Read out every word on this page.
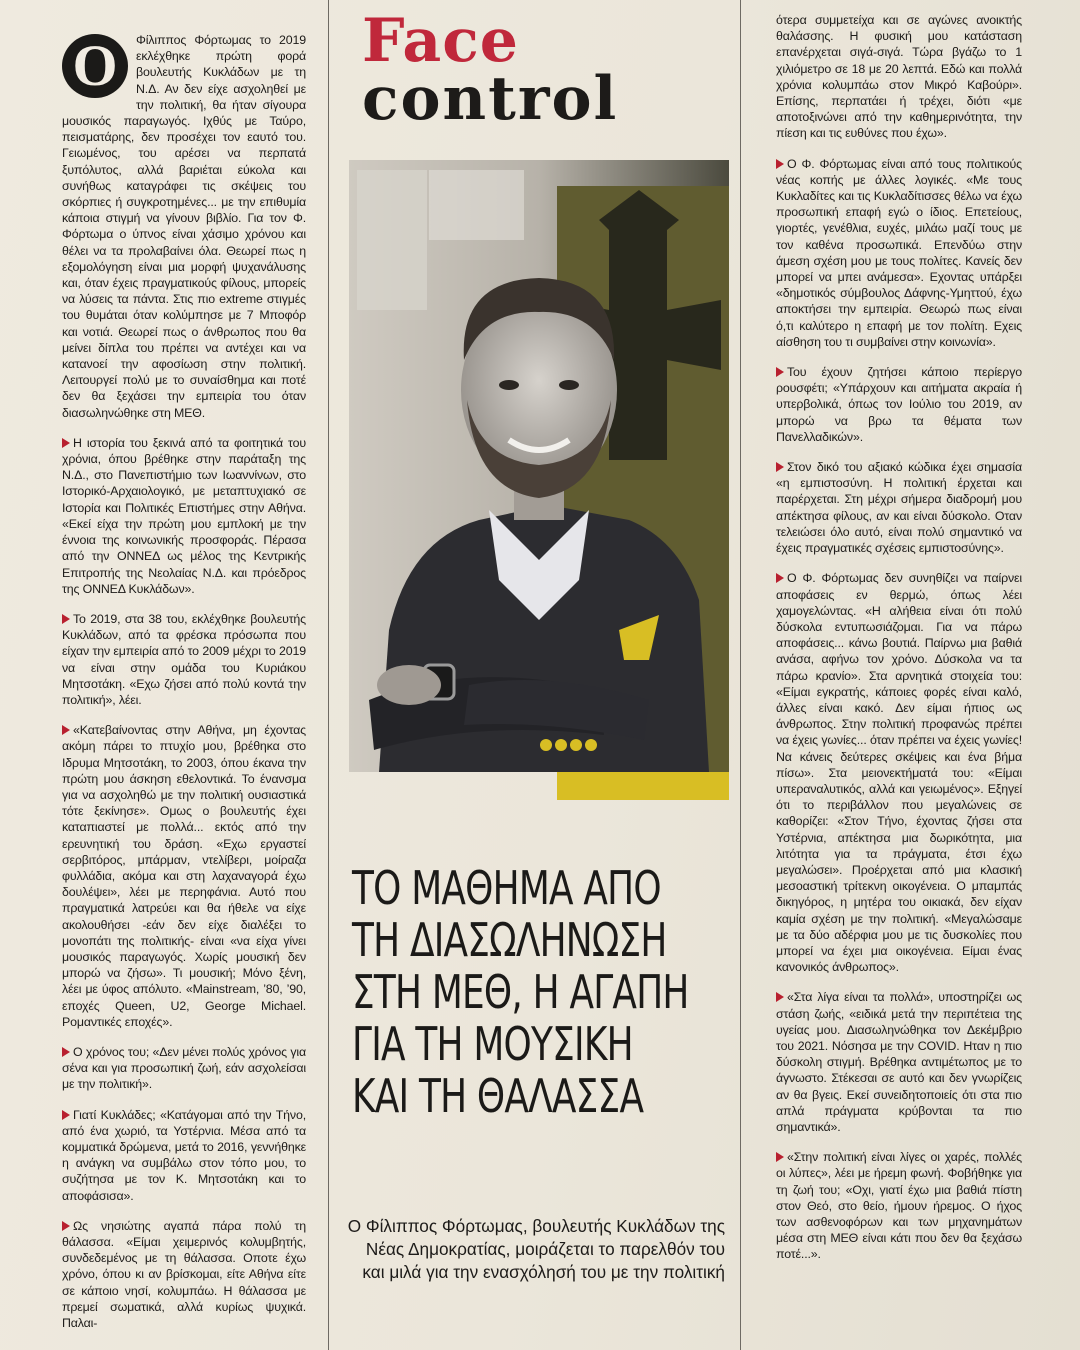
Ο	Φίλιππος Φόρτωμας το 2019 εκλέχθηκε πρώτη φορά βουλευτής Κυκλάδων με τη Ν.Δ. Αν δεν είχε ασχοληθεί με την πολιτική, θα ήταν σίγουρα μουσικός παραγωγός. Ιχθύς με Ταύρο, πεισματάρης, δεν προσέχει τον εαυτό του. Γειωμένος, του αρέσει να περπατά ξυπόλυτος, αλλά βαριέται εύκολα και συνήθως καταγράφει τις σκέψεις του σκόρπιες ή συγκροτημένες... με την επιθυμία κάποια στιγμή να γίνουν βιβλίο. Για τον Φ. Φόρτωμα ο ύπνος είναι χάσιμο χρόνου και θέλει να τα προλαβαίνει όλα. Θεωρεί πως η εξομολόγηση είναι μια μορφή ψυχανάλυσης και, όταν έχεις πραγματικούς φίλους, μπορείς να λύσεις τα πάντα. Στις πιο extreme στιγμές του θυμάται όταν κολύμπησε με 7 Μποφόρ και νοτιά. Θεωρεί πως ο άνθρωπος που θα μείνει δίπλα του πρέπει να αντέχει και να κατανοεί την αφοσίωση στην πολιτική. Λειτουργεί πολύ με το συναίσθημα και ποτέ δεν θα ξεχάσει την εμπειρία του όταν διασωληνώθηκε στη ΜΕΘ.

Η ιστορία του ξεκινά από τα φοιτητικά του χρόνια, όπου βρέθηκε στην παράταξη της Ν.Δ., στο Πανεπιστήμιο των Ιωαννίνων, στο Ιστορικό-Αρχαιολογικό, με μεταπτυχιακό σε Ιστορία και Πολιτικές Επιστήμες στην Αθήνα. «Εκεί είχα την πρώτη μου εμπλοκή με την έννοια της κοινωνικής προσφοράς. Πέρασα από την ΟΝΝΕΔ ως μέλος της Κεντρικής Επιτροπής της Νεολαίας Ν.Δ. και πρόεδρος της ΟΝΝΕΔ Κυκλάδων».

Το 2019, στα 38 του, εκλέχθηκε βουλευτής Κυκλάδων, από τα φρέσκα πρόσωπα που είχαν την εμπειρία από το 2009 μέχρι το 2019 να είναι στην ομάδα του Κυριάκου Μητσοτάκη. «Εχω ζήσει από πολύ κοντά την πολιτική», λέει.

«Κατεβαίνοντας στην Αθήνα, μη έχοντας ακόμη πάρει το πτυχίο μου, βρέθηκα στο Ιδρυμα Μητσοτάκη, το 2003, όπου έκανα την πρώτη μου άσκηση εθελοντικά. Το ένανσμα για να ασχοληθώ με την πολιτική ουσιαστικά τότε ξεκίνησε». Ομως ο βουλευτής έχει καταπιαστεί με πολλά... εκτός από την ερευνητική του δράση. «Εχω εργαστεί σερβιτόρος, μπάρμαν, ντελίβερι, μοίραζα φυλλάδια, ακόμα και στη λαχαναγορά έχω δουλέψει», λέει με περηφάνια. Αυτό που πραγματικά λατρεύει και θα ήθελε να είχε ακολουθήσει -εάν δεν είχε διαλέξει το μονοπάτι της πολιτικής- είναι «να είχα γίνει μουσικός παραγωγός. Χωρίς μουσική δεν μπορώ να ζήσω». Τι μουσική; Μόνο ξένη, λέει με ύφος απόλυτο. «Mainstream, ’80, ’90, εποχές Queen, U2, George Michael. Ρομαντικές εποχές».

Ο χρόνος του; «Δεν μένει πολύς χρόνος για σένα και για προσωπική ζωή, εάν ασχολείσαι με την πολιτική».

Γιατί Κυκλάδες; «Κατάγομαι από την Τήνο, από ένα χωριό, τα Υστέρνια. Μέσα από τα κομματικά δρώμενα, μετά το 2016, γεννήθηκε η ανάγκη να συμβάλω στον τόπο μου, το συζήτησα με τον Κ. Μητσοτάκη και το αποφάσισα».

Ως νησιώτης αγαπά πάρα πολύ τη θάλασσα. «Είμαι χειμερινός κολυμβητής, συνδεδεμένος με τη θάλασσα. Οποτε έχω χρόνο, όπου κι αν βρίσκομαι, είτε Αθήνα είτε σε κάποιο νησί, κολυμπάω. Η θάλασσα με πρεμεί σωματικά, αλλά κυρίως ψυχικά. Παλαι-

Face
control
ΤΟ ΜΑΘΗΜΑ ΑΠΟ
ΤΗ ΔΙΑΣΩΛΗΝΩΣΗ
ΣΤΗ ΜΕΘ, Η ΑΓΑΠΗ
ΓΙΑ ΤΗ ΜΟΥΣΙΚΗ
ΚΑΙ ΤΗ ΘΑΛΑΣΣΑ
Ο Φίλιππος Φόρτωμας, βουλευτής Κυκλάδων της Νέας Δημοκρατίας, μοιράζεται το παρελθόν του και μιλά για την ενασχόλησή του με την πολιτική

ότερα συμμετείχα και σε αγώνες ανοικτής θαλάσσης. Η φυσική μου κατάσταση επανέρχεται σιγά-σιγά. Τώρα βγάζω το 1 χιλιόμετρο σε 18 με 20 λεπτά. Εδώ και πολλά χρόνια κολυμπάω στον Μικρό Καβούρι». Επίσης, περπατάει ή τρέχει, διότι «με αποτοξινώνει από την καθημερινότητα, την πίεση και τις ευθύνες που έχω».

Ο Φ. Φόρτωμας είναι από τους πολιτικούς νέας κοπής με άλλες λογικές. «Με τους Κυκλαδίτες και τις Κυκλαδίτισσες θέλω να έχω προσωπική επαφή εγώ ο ίδιος. Επετείους, γιορτές, γενέθλια, ευχές, μιλάω μαζί τους με τον καθένα προσωπικά. Επενδύω στην άμεση σχέση μου με τους πολίτες. Κανείς δεν μπορεί να μπει ανάμεσα». Εχοντας υπάρξει «δημοτικός σύμβουλος Δάφνης-Υμηττού, έχω αποκτήσει την εμπειρία. Θεωρώ πως είναι ό,τι καλύτερο η επαφή με τον πολίτη. Εχεις αίσθηση του τι συμβαίνει στην κοινωνία».

Του έχουν ζητήσει κάποιο περίεργο ρουσφέτι; «Υπάρχουν και αιτήματα ακραία ή υπερβολικά, όπως τον Ιούλιο του 2019, αν μπορώ να βρω τα θέματα των Πανελλαδικών».

Στον δικό του αξιακό κώδικα έχει σημασία «η εμπιστοσύνη. Η πολιτική έρχεται και παρέρχεται. Στη μέχρι σήμερα διαδρομή μου απέκτησα φίλους, αν και είναι δύσκολο. Οταν τελειώσει όλο αυτό, είναι πολύ σημαντικό να έχεις πραγματικές σχέσεις εμπιστοσύνης».

Ο Φ. Φόρτωμας δεν συνηθίζει να παίρνει αποφάσεις εν θερμώ, όπως λέει χαμογελώντας. «Η αλήθεια είναι ότι πολύ δύσκολα εντυπωσιάζομαι. Για να πάρω αποφάσεις... κάνω βουτιά. Παίρνω μια βαθιά ανάσα, αφήνω τον χρόνο. Δύσκολα να τα πάρω κρανίο». Στα αρνητικά στοιχεία του: «Είμαι εγκρατής, κάποιες φορές είναι καλό, άλλες είναι κακό. Δεν είμαι ήπιος ως άνθρωπος. Στην πολιτική προφανώς πρέπει να έχεις γωνίες... όταν πρέπει να έχεις γωνίες! Να κάνεις δεύτερες σκέψεις και ένα βήμα πίσω». Στα μειονεκτήματά του: «Είμαι υπεραναλυτικός, αλλά και γειωμένος». Εξηγεί ότι το περιβάλλον που μεγαλώνεις σε καθορίζει: «Στον Τήνο, έχοντας ζήσει στα Υστέρνια, απέκτησα μια δωρικότητα, μια λιτότητα για τα πράγματα, έτσι έχω μεγαλώσει». Προέρχεται από μια κλασική μεσοαστική τρίτεκνη οικογένεια. Ο μπαμπάς δικηγόρος, η μητέρα του οικιακά, δεν είχαν καμία σχέση με την πολιτική. «Μεγαλώσαμε με τα δύο αδέρφια μου με τις δυσκολίες που μπορεί να έχει μια οικογένεια. Είμαι ένας κανονικός άνθρωπος».

«Στα λίγα είναι τα πολλά», υποστηρίζει ως στάση ζωής, «ειδικά μετά την περιπέτεια της υγείας μου. Διασωληνώθηκα τον Δεκέμβριο του 2021. Νόσησα με την COVID. Ηταν η πιο δύσκολη στιγμή. Βρέθηκα αντιμέτωπος με το άγνωστο. Στέκεσαι σε αυτό και δεν γνωρίζεις αν θα βγεις. Εκεί συνειδητοποιείς ότι στα πιο απλά πράγματα κρύβονται τα πιο σημαντικά».

«Στην πολιτική είναι λίγες οι χαρές, πολλές οι λύπες», λέει με ήρεμη φωνή. Φοβήθηκε για τη ζωή του; «Οχι, γιατί έχω μια βαθιά πίστη στον Θεό, στο θείο, ήμουν ήρεμος. Ο ήχος των ασθενοφόρων και των μηχανημάτων μέσα στη ΜΕΘ είναι κάτι που δεν θα ξεχάσω ποτέ...».
